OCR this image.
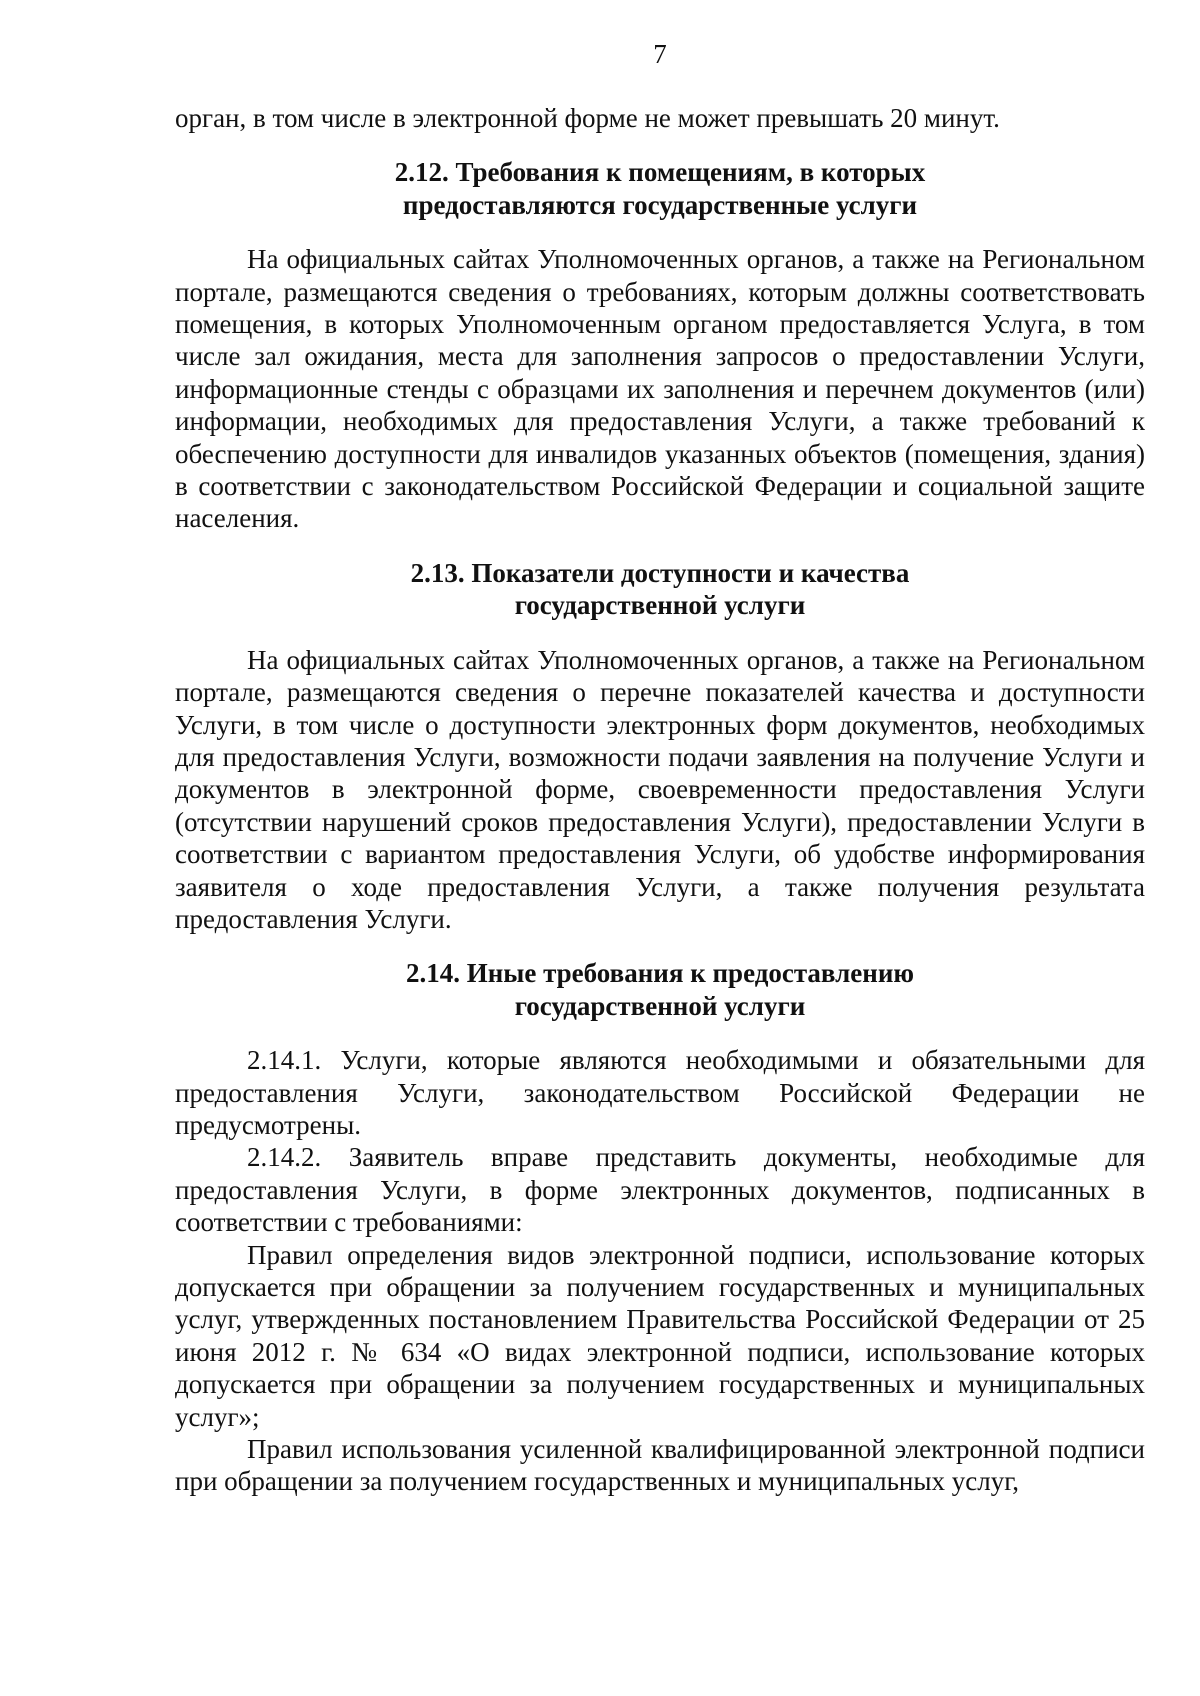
7

орган, в том числе в электронной форме не может превышать 20 минут.

2.12. Требования к помещениям, в которых
предоставляются государственные услуги

На официальных сайтах Уполномоченных органов, а также на Региональном портале, размещаются сведения о требованиях, которым должны соответствовать помещения, в которых Уполномоченным органом предоставляется Услуга, в том числе зал ожидания, места для заполнения запросов о предоставлении Услуги, информационные стенды с образцами их заполнения и перечнем документов (или) информации, необходимых для предоставления Услуги, а также требований к обеспечению доступности для инвалидов указанных объектов (помещения, здания) в соответствии с законодательством Российской Федерации и социальной защите населения.

2.13. Показатели доступности и качества
государственной услуги

На официальных сайтах Уполномоченных органов, а также на Региональном портале, размещаются сведения о перечне показателей качества и доступности Услуги, в том числе о доступности электронных форм документов, необходимых для предоставления Услуги, возможности подачи заявления на получение Услуги и документов в электронной форме, своевременности предоставления Услуги (отсутствии нарушений сроков предоставления Услуги), предоставлении Услуги в соответствии с вариантом предоставления Услуги, об удобстве информирования заявителя о ходе предоставления Услуги, а также получения результата предоставления Услуги.

2.14. Иные требования к предоставлению
государственной услуги

2.14.1. Услуги, которые являются необходимыми и обязательными для предоставления Услуги, законодательством Российской Федерации не предусмотрены.

2.14.2. Заявитель вправе представить документы, необходимые для предоставления Услуги, в форме электронных документов, подписанных в соответствии с требованиями:

Правил определения видов электронной подписи, использование которых допускается при обращении за получением государственных и муниципальных услуг, утвержденных постановлением Правительства Российской Федерации от 25 июня 2012 г. № 634 «О видах электронной подписи, использование которых допускается при обращении за получением государственных и муниципальных услуг»;

Правил использования усиленной квалифицированной электронной подписи при обращении за получением государственных и муниципальных услуг,
